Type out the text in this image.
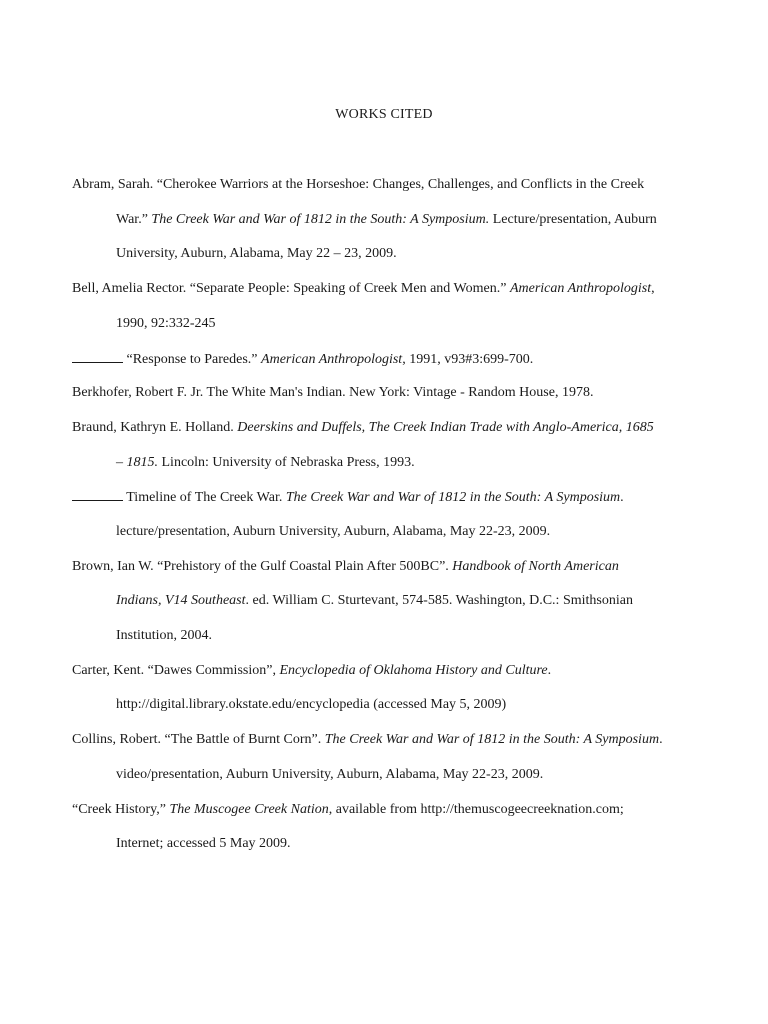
WORKS CITED
Abram, Sarah. “Cherokee Warriors at the Horseshoe: Changes, Challenges, and Conflicts in the Creek
War.” The Creek War and War of 1812 in the South: A Symposium. Lecture/presentation, Auburn
University, Auburn, Alabama, May 22 – 23, 2009.
Bell, Amelia Rector. “Separate People: Speaking of Creek Men and Women.” American Anthropologist,
1990, 92:332-245
“Response to Paredes.” American Anthropologist, 1991, v93#3:699-700.
Berkhofer, Robert F. Jr. The White Man's Indian. New York: Vintage - Random House, 1978.
Braund, Kathryn E. Holland. Deerskins and Duffels, The Creek Indian Trade with Anglo-America, 1685
– 1815. Lincoln: University of Nebraska Press, 1993.
Timeline of The Creek War. The Creek War and War of 1812 in the South: A Symposium.
lecture/presentation, Auburn University, Auburn, Alabama, May 22-23, 2009.
Brown, Ian W. “Prehistory of the Gulf Coastal Plain After 500BC”. Handbook of North American
Indians, V14 Southeast. ed. William C. Sturtevant, 574-585. Washington, D.C.: Smithsonian
Institution, 2004.
Carter, Kent. “Dawes Commission”, Encyclopedia of Oklahoma History and Culture.
http://digital.library.okstate.edu/encyclopedia (accessed May 5, 2009)
Collins, Robert. “The Battle of Burnt Corn”. The Creek War and War of 1812 in the South: A Symposium.
video/presentation, Auburn University, Auburn, Alabama, May 22-23, 2009.
“Creek History,” The Muscogee Creek Nation, available from http://themuscogeecreeknation.com;
Internet; accessed 5 May 2009.
